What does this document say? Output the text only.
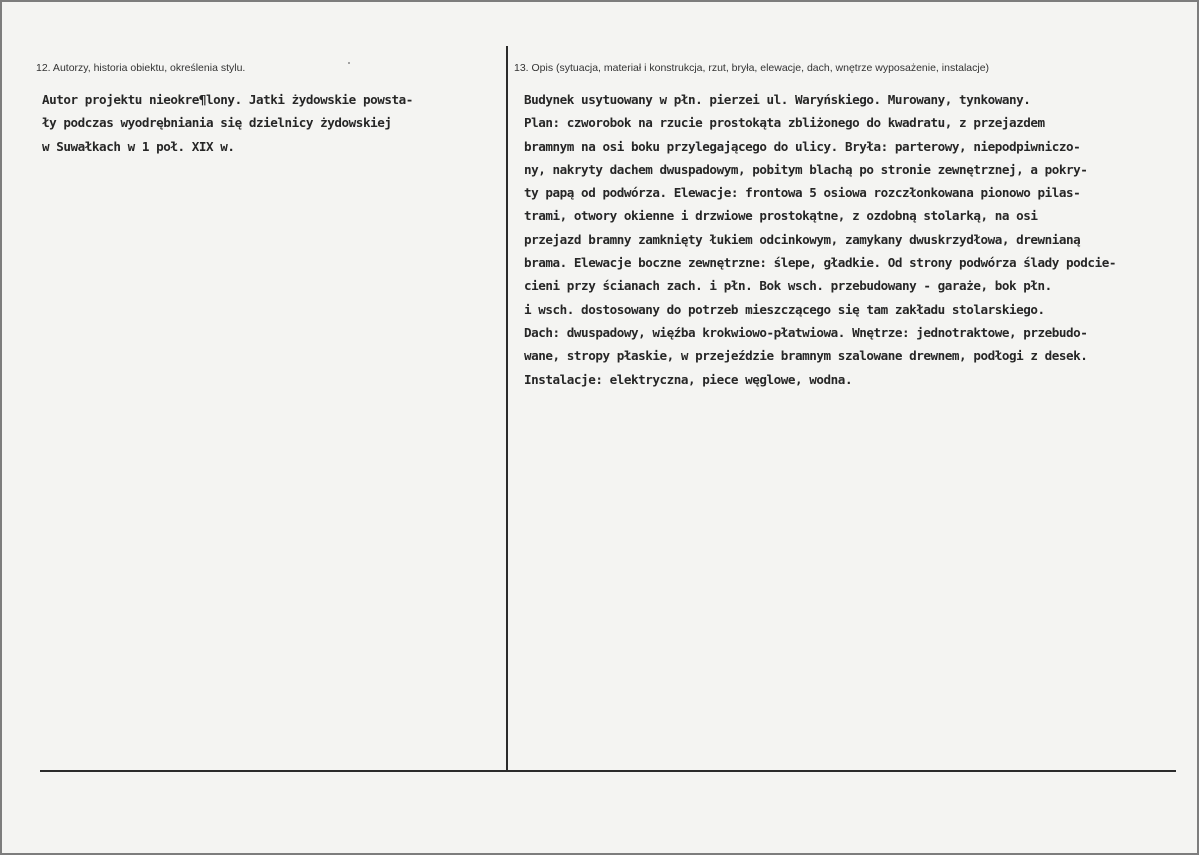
12. Autorzy, historia obiektu, określenia stylu.	13. Opis (sytuacja, materiał i konstrukcja, rzut, bryła, elewacje, dach, wnętrze wyposażenie, instalacje)
Autor projektu nieokre¶lony. Jatki żydowskie powsta-
ły podczas wyodrębniania się dzielnicy żydowskiej
w Suwałkach w 1 poł. XIX w.
Budynek usytuowany w płn. pierzei ul. Waryńskiego. Murowany, tynkowany.
Plan: czworobok na rzucie prostokąta zbliżonego do kwadratu, z przejazdem
bramnym na osi boku przylegającego do ulicy. Bryła: parterowy, niepodpiwniczo-
ny, nakryty dachem dwuspadowym, pobitym blachą po stronie zewnętrznej, a pokry-
ty papą od podwórza. Elewacje: frontowa 5 osiowa rozczłonkowana pionowo pilas-
trami, otwory okienne i drzwiowe prostokątne, z ozdobną stolarką, na osi
przejazd bramny zamknięty łukiem odcinkowym, zamykany dwuskrzydłowa, drewnianą
brama. Elewacje boczne zewnętrzne: ślepe, gładkie. Od strony podwórza ślady podcie-
cieni przy ścianach zach. i płn. Bok wsch. przebudowany - garaże, bok płn.
i wsch. dostosowany do potrzeb mieszczącego się tam zakładu stolarskiego.
Dach: dwuspadowy, więźba krokwiowo-płatwiowa. Wnętrze: jednotraktowe, przebudo-
wane, stropy płaskie, w przejeździe bramnym szalowane drewnem, podłogi z desek.
Instalacje: elektryczna, piece węglowe, wodna.
